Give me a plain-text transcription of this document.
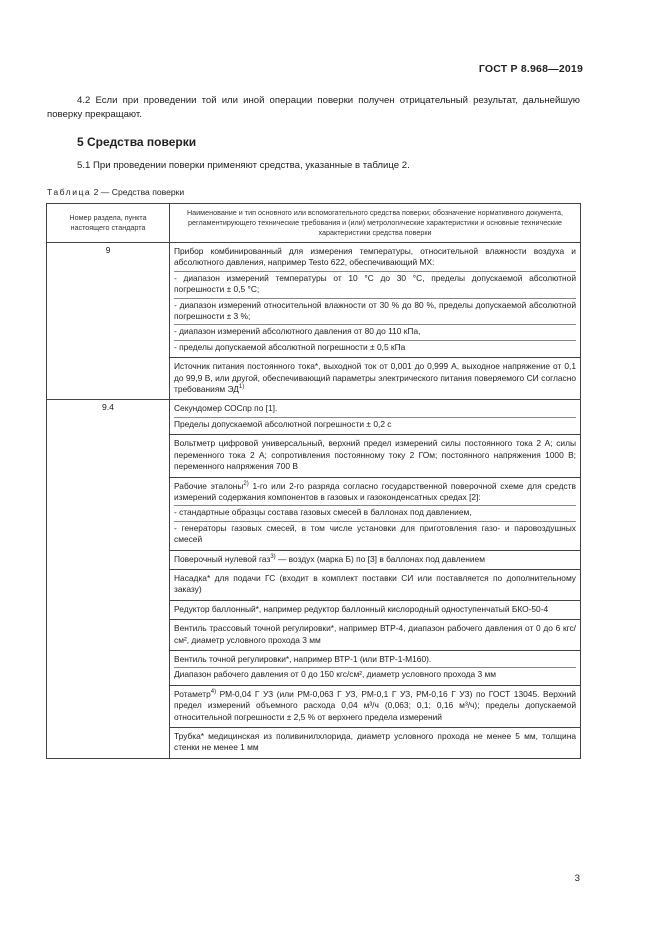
ГОСТ Р 8.968—2019
4.2 Если при проведении той или иной операции поверки получен отрицательный результат, дальнейшую поверку прекращают.
5 Средства поверки
5.1 При проведении поверки применяют средства, указанные в таблице 2.
Таблица 2 — Средства поверки
Номер раздела, пункта настоящего стандарта	Наименование и тип основного или вспомогательного средства поверки; обозначение нормативного документа, регламентирующего технические требования и (или) метрологические характеристики и основные технические характеристики средства поверки
9	Прибор комбинированный для измерения температуры, относительной влажности воздуха и абсолютного давления, например Testo 622, обеспечивающий МХ:
- диапазон измерений температуры от 10 °С до 30 °С, пределы допускаемой абсолютной погрешности ± 0,5 °С;
- диапазон измерений относительной влажности от 30 % до 80 %, пределы допускаемой абсолютной погрешности ± 3 %;
- диапазон измерений абсолютного давления от 80 до 110 кПа,
- пределы допускаемой абсолютной погрешности ± 0,5 кПа

	Источник питания постоянного тока*, выходной ток от 0,001 до 0,999 А, выходное напряжение от 0,1 до 99,9 В, или другой, обеспечивающий параметры электрического питания поверяемого СИ согласно требованиям ЭД$^{1)}$

9.4	Секундомер СОСпр по [1].
Пределы допускаемой абсолютной погрешности ± 0,2 с

	Вольтметр цифровой универсальный, верхний предел измерений силы постоянного тока 2 А; силы переменного тока 2 А; сопротивления постоянному току 2 ГОм; постоянного напряжения 1000 В; переменного напряжения 700 В

	Рабочие эталоны$^{2)}$ 1-го или 2-го разряда согласно государственной поверочной схеме для средств измерений содержания компонентов в газовых и газоконденсатных средах [2]:
- стандартные образцы состава газовых смесей в баллонах под давлением,
- генераторы газовых смесей, в том числе установки для приготовления газо- и паровоздушных смесей

	Поверочный нулевой газ$^{3)}$ — воздух (марка Б) по [3] в баллонах под давлением

	Насадка* для подачи ГС (входит в комплект поставки СИ или поставляется по дополнительному заказу)

	Редуктор баллонный*, например редуктор баллонный кислородный одноступенчатый БКО-50-4

	Вентиль трассовый точной регулировки*, например ВТР-4, диапазон рабочего давления от 0 до 6 кгс/см², диаметр условного прохода 3 мм

	Вентиль точной регулировки*, например ВТР-1 (или ВТР-1-М160).
Диапазон рабочего давления от 0 до 150 кгс/см², диаметр условного прохода 3 мм

	Ротаметр$^{4)}$ РМ-0,04 Г УЗ (или РМ-0,063 Г УЗ, РМ-0,1 Г УЗ, РМ-0,16 Г УЗ) по ГОСТ 13045. Верхний предел измерений объемного расхода 0,04 м³/ч (0,063; 0,1; 0,16 м³/ч); пределы допускаемой относительной погрешности ± 2,5 % от верхнего предела измерений

	Трубка* медицинская из поливинилхлорида, диаметр условного прохода не менее 5 мм, толщина стенки не менее 1 мм
3
